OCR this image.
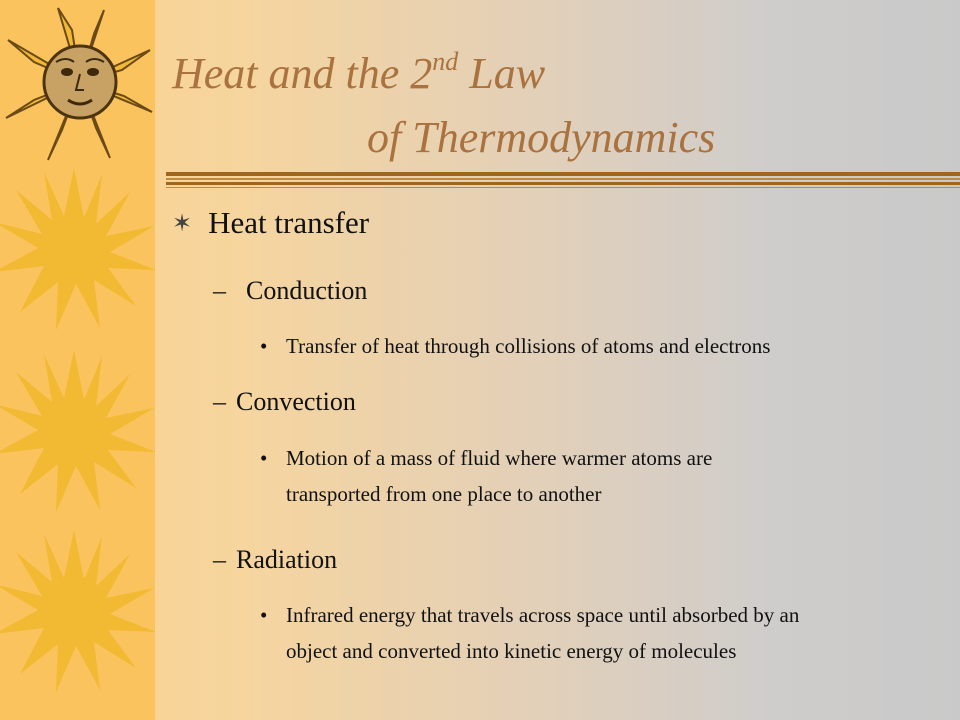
Heat and the 2nd Law
of Thermodynamics
✶ Heat transfer
– Conduction
• Transfer of heat through collisions of atoms and electrons
– Convection
• Motion of a mass of fluid where warmer atoms are
transported from one place to another
– Radiation
• Infrared energy that travels across space until absorbed by an
object and converted into kinetic energy of molecules
